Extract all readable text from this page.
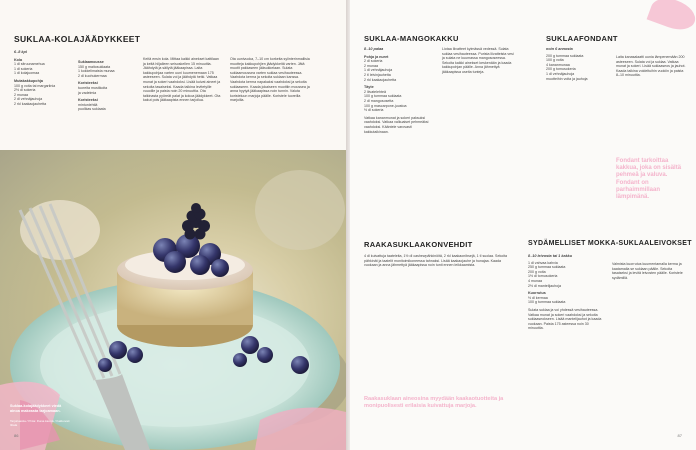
SUKLAA-KOLAJÄÄDYKKEET
6–8 kpl
Kola
1 dl sitruunamehua
1 dl sokeria
1 dl kolajuomaa
Mutakakkupohja
100 g voita tai margariinia
2½ dl sokeria
2 munaa
2 dl vehnäjauhoja
2 rkl kaakaojauhetta
Suklaamousse
150 g maitosuklaata
1 kokkelimaista munaa
2 dl kuohukermaa
Koristeeksi
tuoreita mustikoita
ja vadelmia
Koristeeksi
mintunlehtiä
puolikas suklaata
Keitä ensin kola. Mittaa kaikki ainekset kattilaan ja keitä hiljalleen seisoskellen 15 minuuttia. Jäähdytä ja säilytä jääkaapissa. Laita kakkupohjaa varten uuni kuumenemaan 175 asteeseen. Sulata voi ja jäähdytä hetki. Vatkaa munat ja sokeri vaahdoksi. Lisää kuivat aineet ja sekoita tasaiseksi. Kaada taikina levitetyille vuuoille ja paista noin 20 minuuttia. Ota taikinasta pyöreät palat ja kokoa jäädykkeet. Ota kakut pois jääkaapista ennen tarjoilua.
Ota uunivuoka, 7–10 cm korkeita sylinterinmallisia muotteja kakkupohjien jäädykkeitä varten. Jätä muotit pakkaseen jääsukkelaan. Sulata suklaamoussea varten suklaa vesihauteessa. Vaahdota kerma ja sekoita suklaan kanssa. Vaahdota kerma napakaksi vaahdoksi ja sekoita suklaaseen. Kaada jokaiseen muottiin moussea ja anna hyytyä jääkaapissa noin tunnin. Valuta koristeluun marjoja päälle. Koristele tuoreilla marjoilla.
Suklaa-kolajäädykkeet viedä ainoa makeasta tarjoamaan.
Tarjoiluastia / Pinta: Ihana kaunis / Kakkuvati Iittala
86
SUKLAA-MANGOKAKKU
8–10 palaa
Pohja ja nuret
2 dl sokeria
2 munaa
1 dl vehnäjauhoja
2 tl leivinjauhetta
2 rkl kaakaojauhetta
Täyte
2 liivatelehteä
100 g tummaa suklaata
2 dl mangososetta
100 g mascarpone-juustoa
½ dl sokeria
Vatkaa kananmunat ja sokeri paksuksi vaahdoksi. Vatkaa valkuaiset pehmeäksi vaahdoksi. Kääntele varovasti kakkutaikinaan.
Liotaa liivatteet kylmässä vedessä. Sulata suklaa vesihauteessa. Purista liivatteista vesi ja sulata ne kuumassa mangososeessa. Sekoita kaikki ainekset keskenään ja kaada kakkupohjan päälle. Anna jähmettyä jääkaapissa useita tunteja.
SUKLAAFONDANT
noin 6 annosta
200 g tummaa suklaata
100 g voita
4 kananmunaa
200 g tomusokeria
1 dl vehnäjauhoja
muotteihin voita ja jauhoja
Laita kanasalaatti uunia lämpenemään 200 asteeseen. Sulata voi ja suklaa. Vatkaa munat ja sokeri. Lisää suklaaseos ja jauhot. Kaada taikina voideltuihin vuokiin ja paista 8–10 minuuttia.
Fondant tarkoittaa kakkua, joka on sisältä pehmeä ja valuva. Fondant on parhaimmillaan lämpimänä.
RAAKASUKLAAKONVEHDIT
4 dl kuivattuja taateleita, 1½ dl cashewpähkinöitä, 2 rkl kaakaonibsejä, 1 tl suolaa. Sekoita pähkinät ja taatelit monitoimikoneessa tahnaksi. Lisää kaakaojauhe ja hunajaa. Kaada vuokaan ja anna jähmettyä jääkaapissa noin tunti ennen leikkaamista.
Raakasuklaan aineosina myydään kaakaotuotteita ja monipuolisesti erilaisia kuivattuja marjoja.
SYDÄMELLISET MOKKA-SUKLAALEIVOKSET
8–10 leivosta tai 1 kakku
1 dl vahvaa kahvia
250 g tummaa suklaata
200 g voita
1½ dl tomusokeria
4 munaa
2½ dl mantelijauhoja
Kuorrutus
½ dl kermaa
100 g tummaa suklaata
Sulata suklaa ja voi yhdessä vesihauteessa. Vatkaa munat ja sokeri vaahdoksi ja sekoita suklaaseokseen. Lisää mantelijauhot ja kaada vuokaan. Paista 175 asteessa noin 30 minuuttia.
Valmista kuorrutus kuumentamalla kerma ja kaatamalla se suklaan päälle. Sekoita tasaiseksi ja levitä leivosten päälle. Koristele sydämillä.
87
